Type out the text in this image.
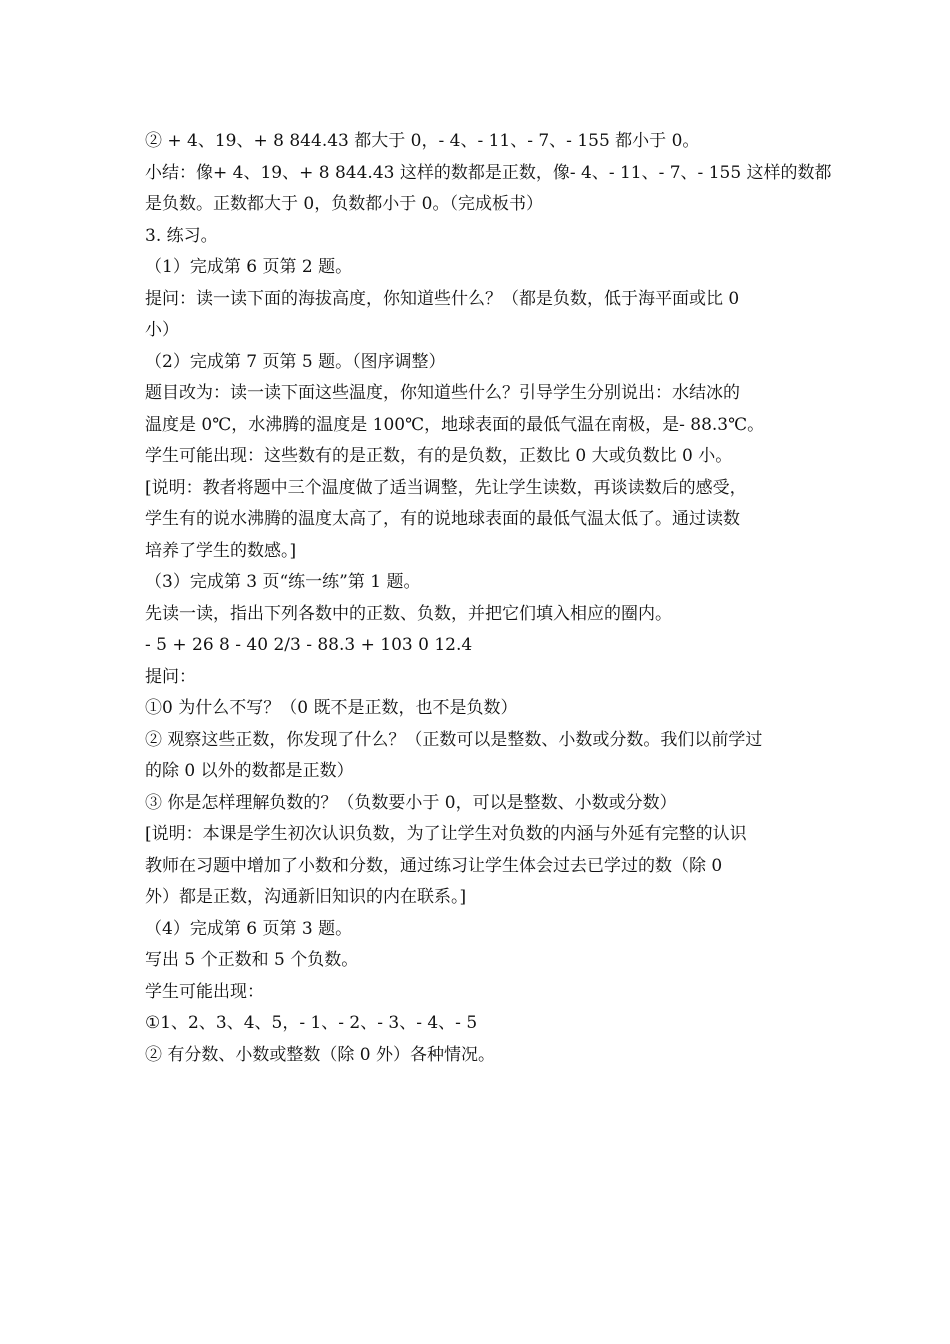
② + 4、19、+ 8 844.43 都大于 0，- 4、- 11、- 7、- 155 都小于 0。

小结：像+ 4、19、+ 8 844.43 这样的数都是正数，像- 4、- 11、- 7、- 155 这样的数都

是负数。正数都大于 0，负数都小于 0。（完成板书）

3. 练习。

（1）完成第 6 页第 2 题。

提问：读一读下面的海拔高度，你知道些什么？（都是负数，低于海平面或比 0

小）

（2）完成第 7 页第 5 题。（图序调整）

题目改为：读一读下面这些温度，你知道些什么？引导学生分别说出：水结冰的

温度是 0℃，水沸腾的温度是 100℃，地球表面的最低气温在南极，是- 88.3℃。

学生可能出现：这些数有的是正数，有的是负数，正数比 0 大或负数比 0 小。

[说明：教者将题中三个温度做了适当调整，先让学生读数，再谈读数后的感受，

学生有的说水沸腾的温度太高了，有的说地球表面的最低气温太低了。通过读数

培养了学生的数感。]

（3）完成第 3 页“练一练”第 1 题。

先读一读，指出下列各数中的正数、负数，并把它们填入相应的圈内。

- 5 + 26 8 - 40 2/3 - 88.3 + 103 0 12.4

提问：

①0 为什么不写？（0 既不是正数，也不是负数）

② 观察这些正数，你发现了什么？（正数可以是整数、小数或分数。我们以前学过

的除 0 以外的数都是正数）

③ 你是怎样理解负数的？（负数要小于 0，可以是整数、小数或分数）

[说明：本课是学生初次认识负数，为了让学生对负数的内涵与外延有完整的认识

教师在习题中增加了小数和分数，通过练习让学生体会过去已学过的数（除 0

外）都是正数，沟通新旧知识的内在联系。]

（4）完成第 6 页第 3 题。

写出 5 个正数和 5 个负数。

学生可能出现：

①1、2、3、4、5，- 1、- 2、- 3、- 4、- 5

② 有分数、小数或整数（除 0 外）各种情况。
